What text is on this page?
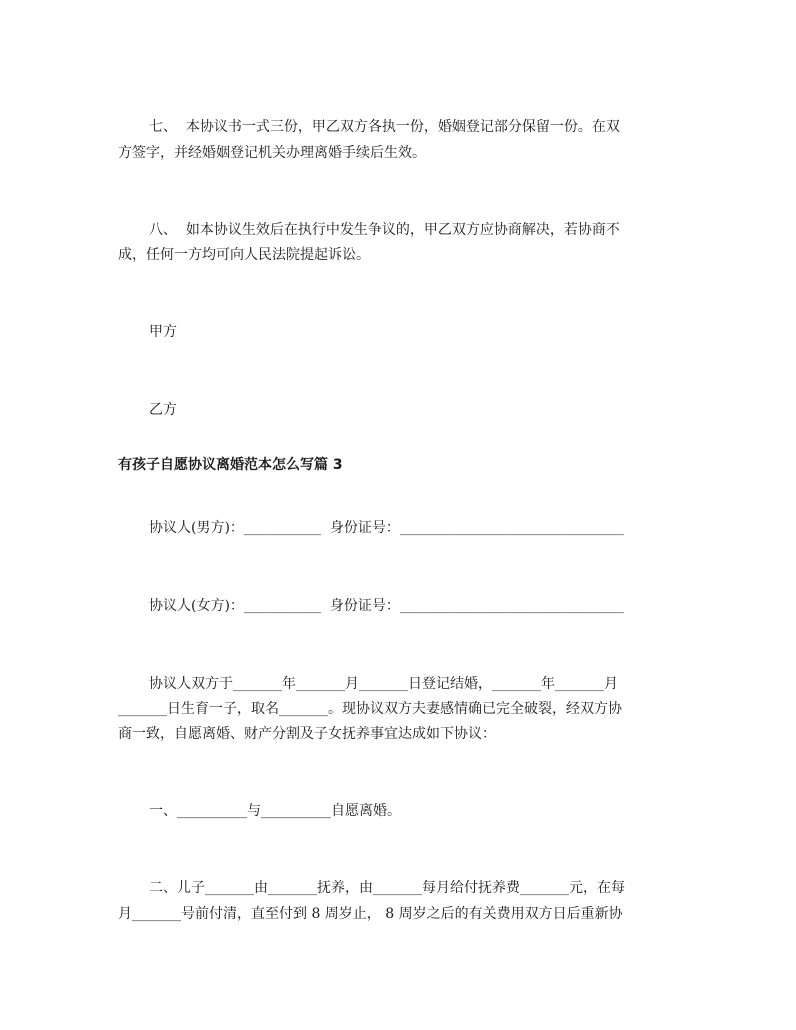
七、  本协议书一式三份，甲乙双方各执一份，婚姻登记部分保留一份。在双

方签字，并经婚姻登记机关办理离婚手续后生效。

八、  如本协议生效后在执行中发生争议的，甲乙双方应协商解决，若协商不

成，任何一方均可向人民法院提起诉讼。

甲方

乙方

有孩子自愿协议离婚范本怎么写篇 3

协议人(男方)：___________  身份证号：________________________________

协议人(女方)：___________  身份证号：________________________________

协议人双方于_______年_______月_______日登记结婚，_______年_______月

_______日生育一子，取名_______。现协议双方夫妻感情确已完全破裂，经双方协

商一致，自愿离婚、财产分割及子女抚养事宜达成如下协议：

一、__________与__________自愿离婚。

二、儿子_______由_______抚养，由_______每月给付抚养费_______元，在每

月_______号前付清，直至付到 8 周岁止， 8 周岁之后的有关费用双方日后重新协
